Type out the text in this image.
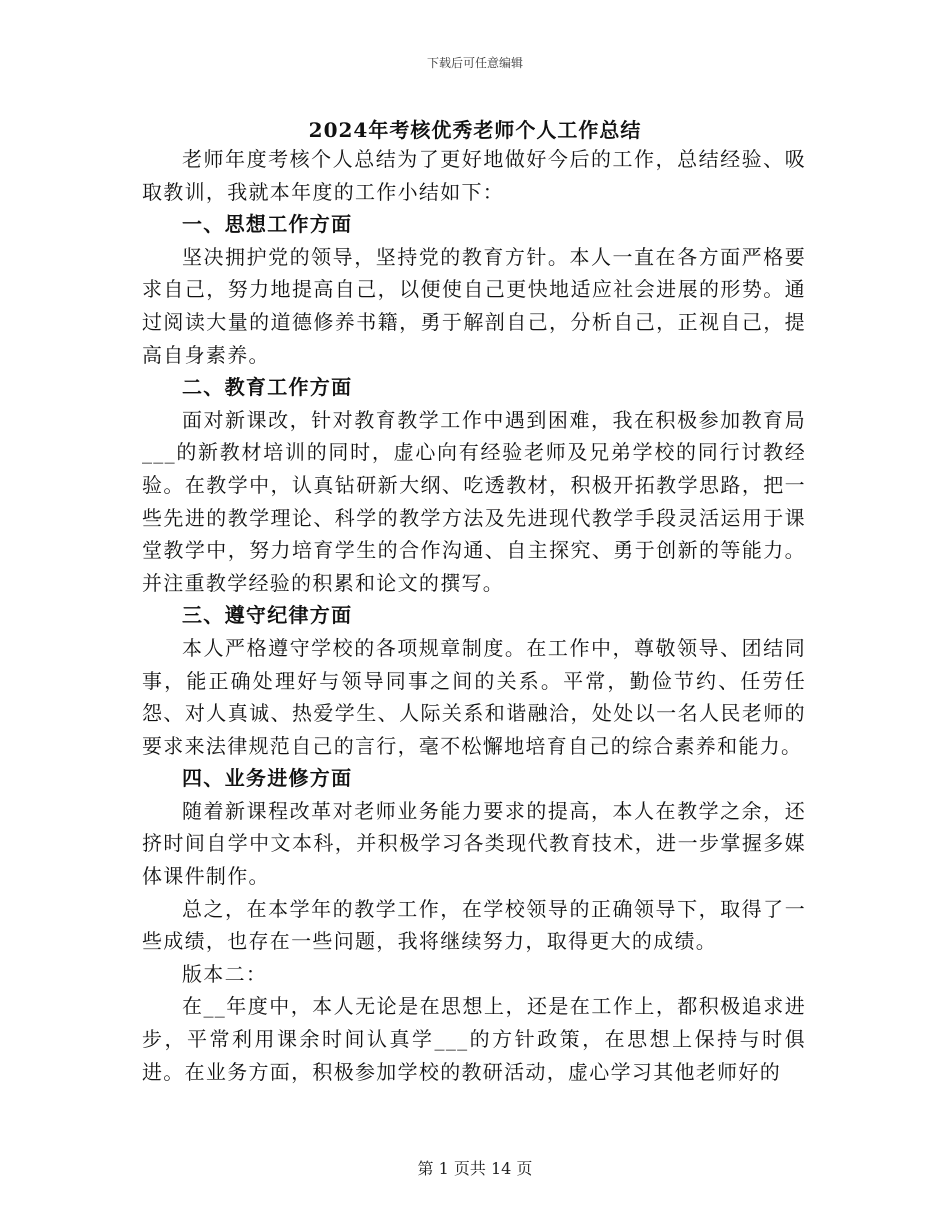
下载后可任意编辑
2024年考核优秀老师个人工作总结

老师年度考核个人总结为了更好地做好今后的工作，总结经验、吸取教训，我就本年度的工作小结如下：

一、思想工作方面

坚决拥护党的领导，坚持党的教育方针。本人一直在各方面严格要求自己，努力地提高自己，以便使自己更快地适应社会进展的形势。通过阅读大量的道德修养书籍，勇于解剖自己，分析自己，正视自己，提高自身素养。

二、教育工作方面

面对新课改，针对教育教学工作中遇到困难，我在积极参加教育局___的新教材培训的同时，虚心向有经验老师及兄弟学校的同行讨教经验。在教学中，认真钻研新大纲、吃透教材，积极开拓教学思路，把一些先进的教学理论、科学的教学方法及先进现代教学手段灵活运用于课堂教学中，努力培育学生的合作沟通、自主探究、勇于创新的等能力。并注重教学经验的积累和论文的撰写。

三、遵守纪律方面

本人严格遵守学校的各项规章制度。在工作中，尊敬领导、团结同事，能正确处理好与领导同事之间的关系。平常，勤俭节约、任劳任怨、对人真诚、热爱学生、人际关系和谐融洽，处处以一名人民老师的要求来法律规范自己的言行，毫不松懈地培育自己的综合素养和能力。

四、业务进修方面

随着新课程改革对老师业务能力要求的提高，本人在教学之余，还挤时间自学中文本科，并积极学习各类现代教育技术，进一步掌握多媒体课件制作。

总之，在本学年的教学工作，在学校领导的正确领导下，取得了一些成绩，也存在一些问题，我将继续努力，取得更大的成绩。

版本二：

在__年度中，本人无论是在思想上，还是在工作上，都积极追求进步，平常利用课余时间认真学___的方针政策，在思想上保持与时俱进。在业务方面，积极参加学校的教研活动，虚心学习其他老师好的

第 1 页共 14 页
